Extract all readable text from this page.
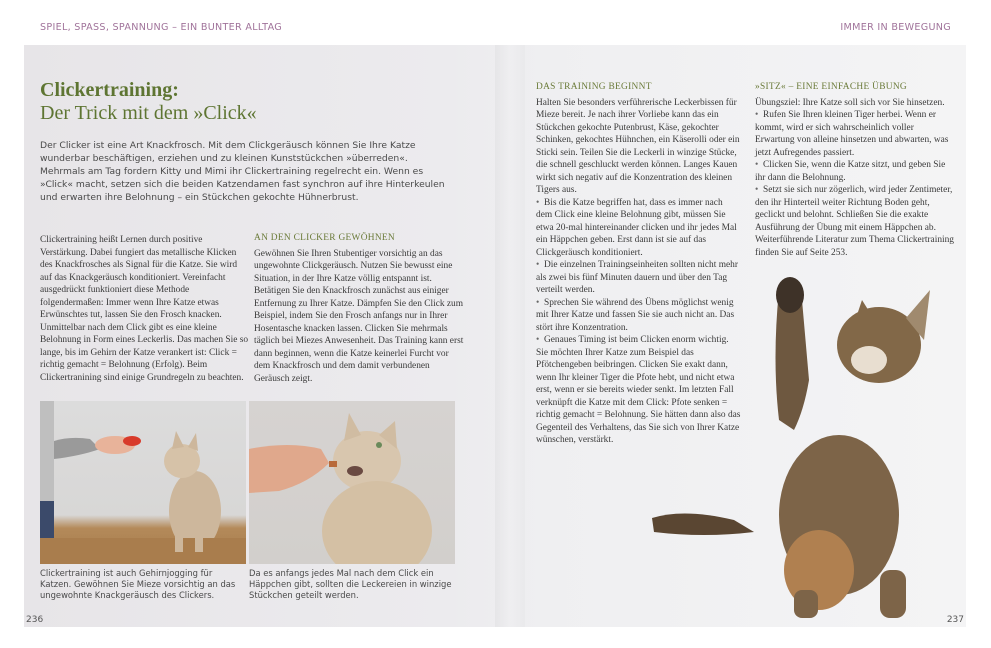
SPIEL, SPASS, SPANNUNG – EIN BUNTER ALLTAG	IMMER IN BEWEGUNG
Clickertraining:
Der Trick mit dem »Click«

Der Clicker ist eine Art Knackfrosch. Mit dem Clickgeräusch können Sie Ihre Katze wunderbar beschäftigen, erziehen und zu kleinen Kunststückchen »überreden«. Mehrmals am Tag fordern Kitty und Mimi ihr Clickertraining regelrecht ein. Wenn es »Click« macht, setzen sich die beiden Katzendamen fast synchron auf ihre Hinterkeulen und erwarten ihre Belohnung – ein Stückchen gekochte Hühnerbrust.

Clickertraining heißt Lernen durch positive Verstärkung. Dabei fungiert das metallische Klicken des Knackfrosches als Signal für die Katze. Sie wird auf das Knackgeräusch konditioniert. Vereinfacht ausgedrückt funktioniert diese Methode folgendermaßen: Immer wenn Ihre Katze etwas Erwünschtes tut, lassen Sie den Frosch knacken. Unmittelbar nach dem Click gibt es eine kleine Belohnung in Form eines Leckerlis. Das machen Sie so lange, bis im Gehirn der Katze verankert ist: Click = richtig gemacht = Belohnung (Erfolg). Beim Clickertranining sind einige Grundregeln zu beachten.

AN DEN CLICKER GEWÖHNEN

Gewöhnen Sie Ihren Stubentiger vorsichtig an das ungewohnte Clickgeräusch. Nutzen Sie bewusst eine Situation, in der Ihre Katze völlig entspannt ist. Betätigen Sie den Knackfrosch zunächst aus einiger Entfernung zu Ihrer Katze. Dämpfen Sie den Click zum Beispiel, indem Sie den Frosch anfangs nur in Ihrer Hosentasche knacken lassen. Clicken Sie mehrmals täglich bei Miezes Anwesenheit. Das Training kann erst dann beginnen, wenn die Katze keinerlei Furcht vor dem Knackfrosch und dem damit verbundenen Geräusch zeigt.

Clickertraining ist auch Gehirnjogging für Katzen. Gewöhnen Sie Mieze vorsichtig an das ungewohnte Knackgeräusch des Clickers.
Da es anfangs jedes Mal nach dem Click ein Häppchen gibt, sollten die Leckereien in winzige Stückchen geteilt werden.
236
DAS TRAINING BEGINNT

Halten Sie besonders verführerische Leckerbissen für Mieze bereit. Je nach ihrer Vorliebe kann das ein Stückchen gekochte Putenbrust, Käse, gekochter Schinken, gekochtes Hühnchen, ein Käserolli oder ein Sticki sein. Teilen Sie die Leckerli in winzige Stücke, die schnell geschluckt werden können. Langes Kauen wirkt sich negativ auf die Konzentration des kleinen Tigers aus.

•  Bis die Katze begriffen hat, dass es immer nach dem Click eine kleine Belohnung gibt, müssen Sie etwa 20-mal hintereinander clicken und ihr jedes Mal ein Häppchen geben. Erst dann ist sie auf das Clickgeräusch konditioniert.

•  Die einzelnen Trainingseinheiten sollten nicht mehr als zwei bis fünf Minuten dauern und über den Tag verteilt werden.

•  Sprechen Sie während des Übens möglichst wenig mit Ihrer Katze und fassen Sie sie auch nicht an. Das stört ihre Konzentration.

•  Genaues Timing ist beim Clicken enorm wichtig. Sie möchten Ihrer Katze zum Beispiel das Pfötchengeben beibringen. Clicken Sie exakt dann, wenn Ihr kleiner Tiger die Pfote hebt, und nicht etwa erst, wenn er sie bereits wieder senkt. Im letzten Fall verknüpft die Katze mit dem Click: Pfote senken = richtig gemacht = Belohnung. Sie hätten dann also das Gegenteil des Verhaltens, das Sie sich von Ihrer Katze wünschen, verstärkt.

»SITZ« – EINE EINFACHE ÜBUNG

Übungsziel: Ihre Katze soll sich vor Sie hinsetzen.

•  Rufen Sie Ihren kleinen Tiger herbei. Wenn er kommt, wird er sich wahrscheinlich voller Erwartung von alleine hinsetzen und abwarten, was jetzt Aufregendes passiert.

•  Clicken Sie, wenn die Katze sitzt, und geben Sie ihr dann die Belohnung.

•  Setzt sie sich nur zögerlich, wird jeder Zentimeter, den ihr Hinterteil weiter Richtung Boden geht, geclickt und belohnt. Schließen Sie die exakte Ausführung der Übung mit einem Häppchen ab. Weiterführende Literatur zum Thema Clickertraining finden Sie auf Seite 253.

237
